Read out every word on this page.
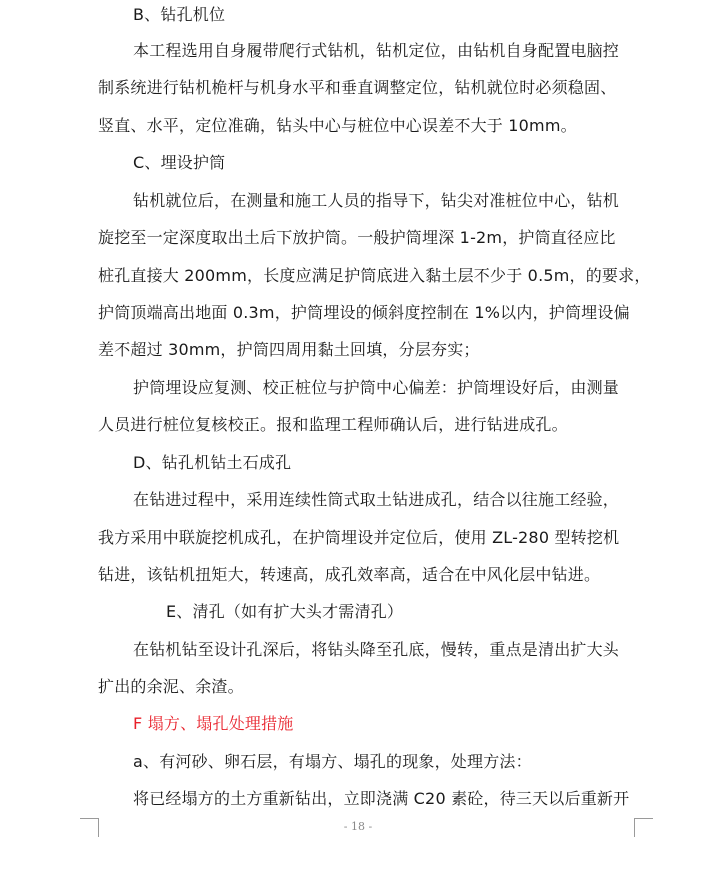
B、钻孔机位
本工程选用自身履带爬行式钻机，钻机定位，由钻机自身配置电脑控
制系统进行钻机桅杆与机身水平和垂直调整定位，钻机就位时必须稳固、
竖直、水平，定位准确，钻头中心与桩位中心误差不大于 10mm。
C、埋设护筒
钻机就位后，在测量和施工人员的指导下，钻尖对准桩位中心，钻机
旋挖至一定深度取出土后下放护筒。一般护筒埋深 1-2m，护筒直径应比
桩孔直接大 200mm，长度应满足护筒底进入黏土层不少于 0.5m，的要求，
护筒顶端高出地面 0.3m，护筒埋设的倾斜度控制在 1%以内，护筒埋设偏
差不超过 30mm，护筒四周用黏土回填，分层夯实；
护筒埋设应复测、校正桩位与护筒中心偏差：护筒埋设好后，由测量
人员进行桩位复核校正。报和监理工程师确认后，进行钻进成孔。
D、钻孔机钻土石成孔
在钻进过程中，采用连续性筒式取土钻进成孔，结合以往施工经验，
我方采用中联旋挖机成孔，在护筒埋设并定位后，使用 ZL-280 型转挖机
钻进，该钻机扭矩大，转速高，成孔效率高，适合在中风化层中钻进。
E、清孔（如有扩大头才需清孔）
在钻机钻至设计孔深后，将钻头降至孔底，慢转，重点是清出扩大头
扩出的余泥、余渣。
F 塌方、塌孔处理措施
a、有河砂、卵石层，有塌方、塌孔的现象，处理方法：
将已经塌方的土方重新钻出，立即浇满 C20 素砼，待三天以后重新开
- 18 -
